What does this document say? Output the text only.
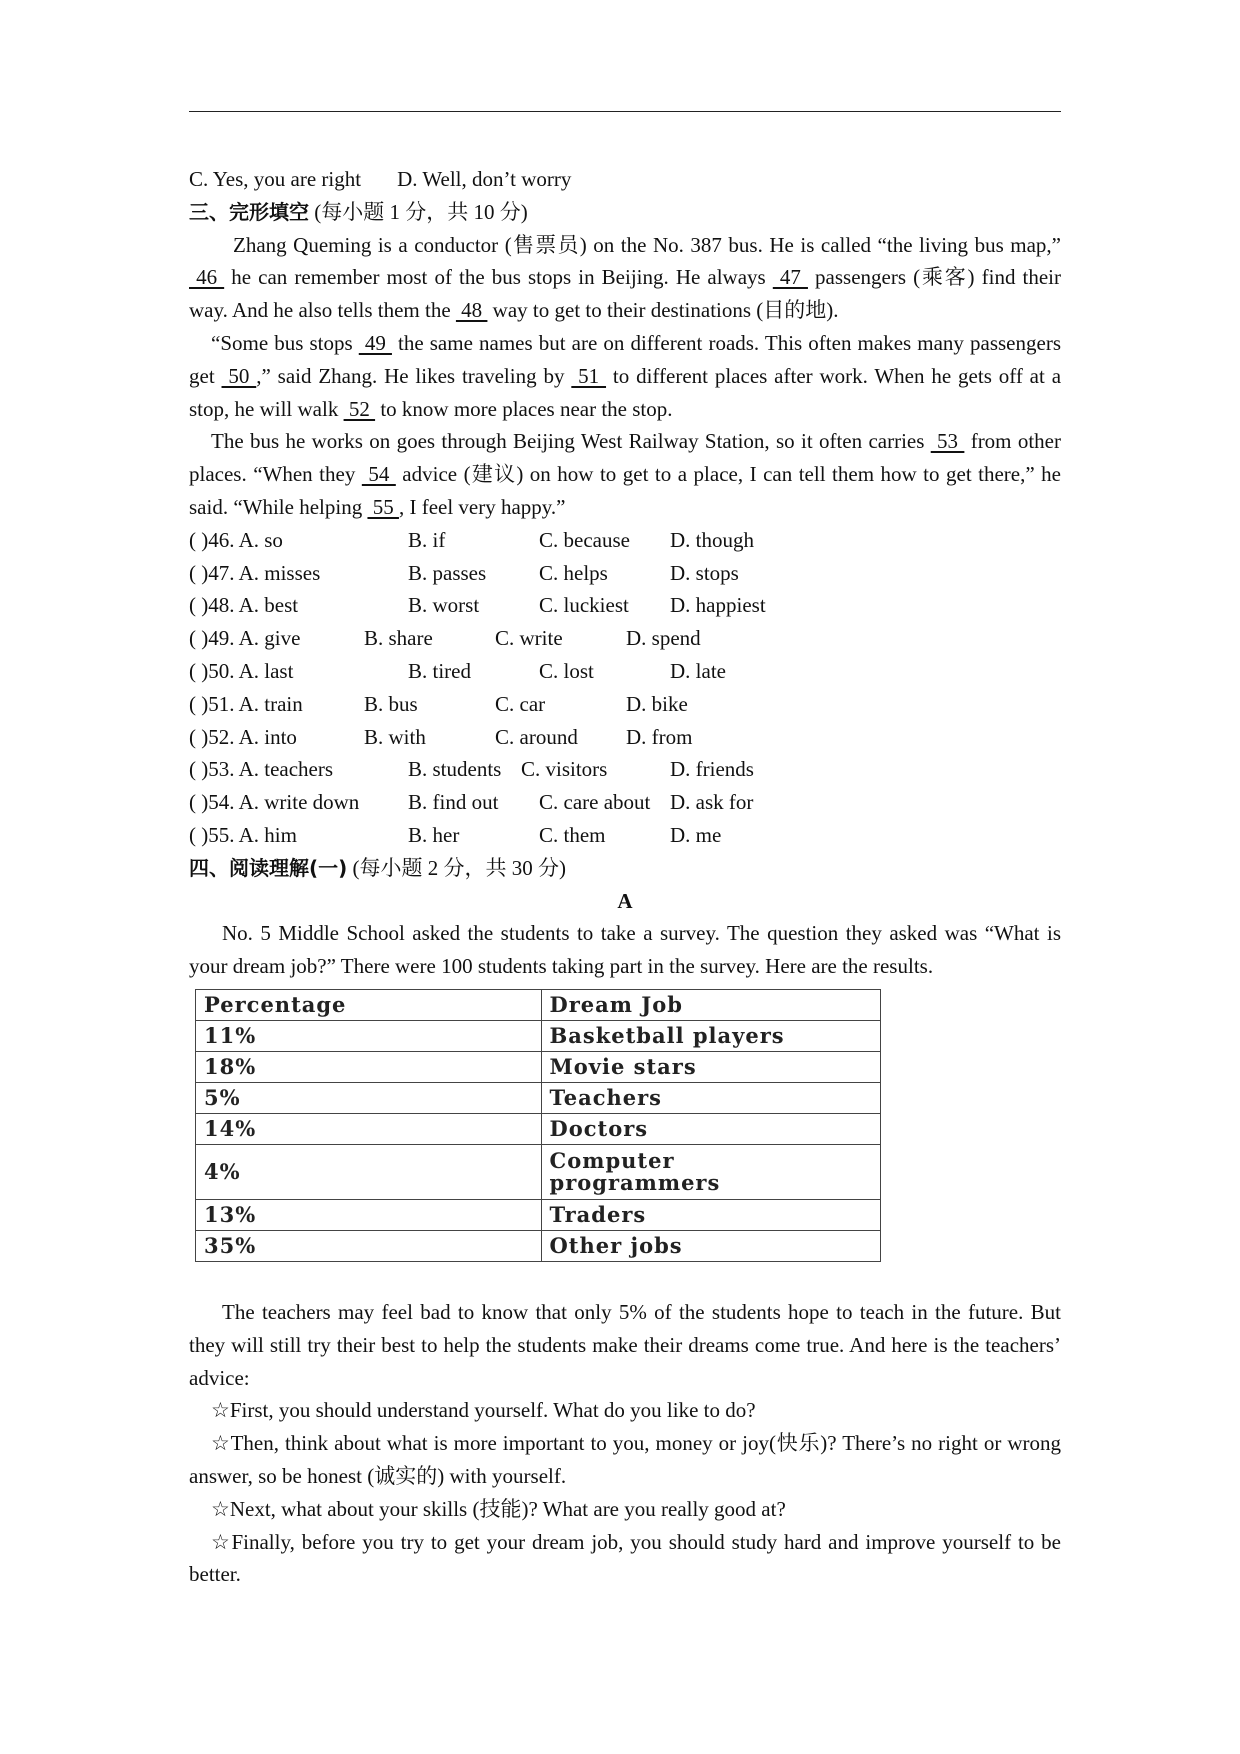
C. Yes, you are right D. Well, don’t worry
三、完形填空 (每小题 1 分，共 10 分)
Zhang Queming is a conductor (售票员) on the No. 387 bus. He is called “the living bus map,”  46  he can remember most of the bus stops in Beijing. He always  47  passengers (乘客) find their way. And he also tells them the  48  way to get to their destinations (目的地).
“Some bus stops  49  the same names but are on different roads. This often makes many passengers get  50 ,” said Zhang. He likes traveling by  51  to different places after work. When he gets off at a stop, he will walk  52  to know more places near the stop.
The bus he works on goes through Beijing West Railway Station, so it often carries  53  from other places. “When they  54  advice (建议) on how to get to a place, I can tell them how to get there,” he said. “While helping  55 , I feel very happy.”
( )46. A. so	B. if	C. because	D. though
( )47. A. misses	B. passes	C. helps	D. stops
( )48. A. best	B. worst	C. luckiest	D. happiest
( )49. A. give	B. share	C. write	D. spend
( )50. A. last	B. tired	C. lost	D. late
( )51. A. train	B. bus	C. car	D. bike
( )52. A. into	B. with	C. around	D. from
( )53. A. teachers	B. students C. visitors	D. friends
( )54. A. write down	B. find out	C. care about D. ask for
( )55. A. him	B. her	C. them	D. me
四、阅读理解(一) (每小题 2 分，共 30 分)
A
No. 5 Middle School asked the students to take a survey. The question they asked was “What is your dream job?” There were 100 students taking part in the survey. Here are the results.
Percentage	Dream Job
11%	Basketball players
18%	Movie stars
5%	Teachers
14%	Doctors
4%	Computer programmers
13%	Traders
35%	Other jobs
The teachers may feel bad to know that only 5% of the students hope to teach in the future. But they will still try their best to help the students make their dreams come true. And here is the teachers’ advice:
☆First, you should understand yourself. What do you like to do?
☆Then, think about what is more important to you, money or joy(快乐)? There’s no right or wrong answer, so be honest (诚实的) with yourself.
☆Next, what about your skills (技能)? What are you really good at?
☆Finally, before you try to get your dream job, you should study hard and improve yourself to be better.
